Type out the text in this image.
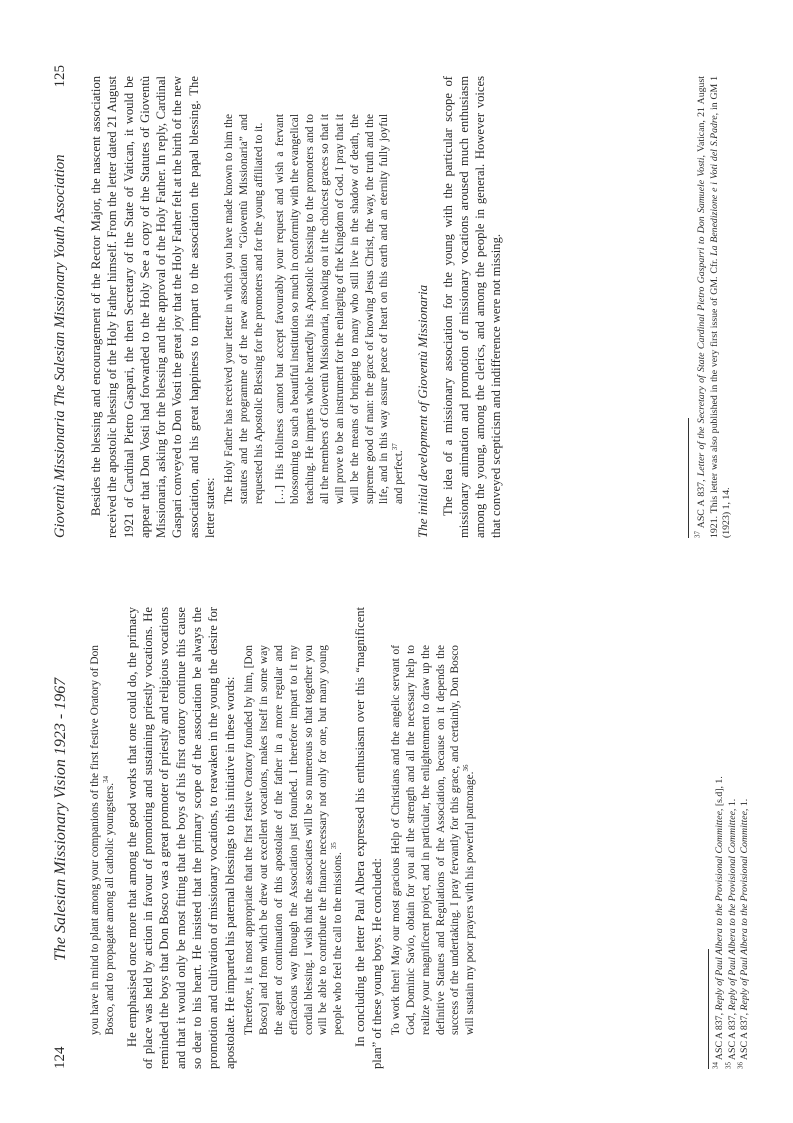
124
The Salesian Missionary Vision 1923 - 1967 you have in mind to plant among your companions of the first festive Oratory of Don Bosco, and to propagate among all catholic youngsters.$^{34}$	He emphasised once more that among the good works that one could do, the primacy of place was held by action in favour of promoting and sustaining priestly vocations. He reminded the boys that Don Bosco was a great promoter of priestly and religious vocations and that it would only be most fitting that the boys of his first oratory continue this cause so dear to his heart. He insisted that the primary scope of the association be always the promotion and cultivation of missionary vocations, to reawaken in the young the desire for apostolate. He imparted his paternal blessings to this initiative in these words: Therefore, it is most appropriate that the first festive Oratory founded by him, [Don Bosco] and from which be drew out excellent vocations, makes itself in some way the agent of continuation of this apostolate of the father in a more regular and efficacious way through the Association just founded. I therefore impart to it my cordial blessing. I wish that the associates will be so numerous so that together you will be able to contribute the finance necessary not only for one, but many young people who feel the call to the missions. $^{35}$	In concluding the letter Paul Albera expressed his enthusiasm over this “magnificent plan” of these young boys. He concluded: To work then! May our most gracious Help of Christians and the angelic servant of God, Dominic Savio, obtain for you all the strength and all the necessary help to realize your magnificent project, and in particular, the enlightenment to draw up the definitive Statues and Regulations of the Association, because on it depends the success of the undertaking. I pray fervantly for this grace, and certainly, Don Bosco will sustain my poor prayers with his powerful patronage.$^{36}$

$^{34}$ ASC A 837, Reply of Paul Albera to the Provisional Committee, [s.d], 1.

$^{35}$ ASC A 837, Reply of Paul Albera to the Provisional Committee, 1.

$^{36}$ ASC A 837, Reply of Paul Albera to the Provisional Committee, 1.

Gioventù Missionaria The Salesian Missionary Youth Association
125 Besides the blessing and encouragement of the Rector Major, the nascent association received the apostolic blessing of the Holy Father himself. From the letter dated 21 August 1921 of Cardinal Pietro Gaspari, the then Secretary of the State of Vatican, it would be appear that Don Vosti had forwarded to the Holy See a copy of the Statutes of Gioventù Missionaria, asking for the blessing and the approval of the Holy Father. In reply, Cardinal Gaspari conveyed to Don Vosti the great joy that the Holy Father felt at the birth of the new association, and his great happiness to impart to the association the papal blessing. The letter states:

The Holy Father has received your letter in which you have made known to him the statutes and the programme of the new association “Gioventù Missionaria” and requested his Apostolic Blessing for the promoters and for the young affiliated to it. […] His Holiness cannot but accept favourably your request and wish a fervant blossoming to such a beautiful institution so much in conformity with the evangelical teaching. He imparts whole heartedly his Apostolic blessing to the promoters and to all the members of Gioventù Missionaria, invoking on it the choicest graces so that it will prove to be an instrument for the enlarging of the Kingdom of God. I pray that it will be the means of bringing to many who still live in the shadow of death, the supreme good of man: the grace of knowing Jesus Christ, the way, the truth and the life, and in this way assure peace of heart on this earth and an eternity fully joyful and perfect.$^{37}$	The initial development of Gioventù Missionaria The idea of a missionary association for the young with the particular scope of missionary animation and promotion of missionary vocations aroused much enthusiasm among the young, among the clerics, and among the people in general. However voices that conveyed scepticism and indifference were not missing.	$^{37}$ ASC A 837, Letter of the Secretary of State Cardinal Pietro Gasparri to Don Samuele Vosti, Vatican, 21 August 1921. This letter was also published in the very first issue of GM. Cfr. La Benedizione e i Voti del S.Padre, in GM 1 (1923) 1, 14.
